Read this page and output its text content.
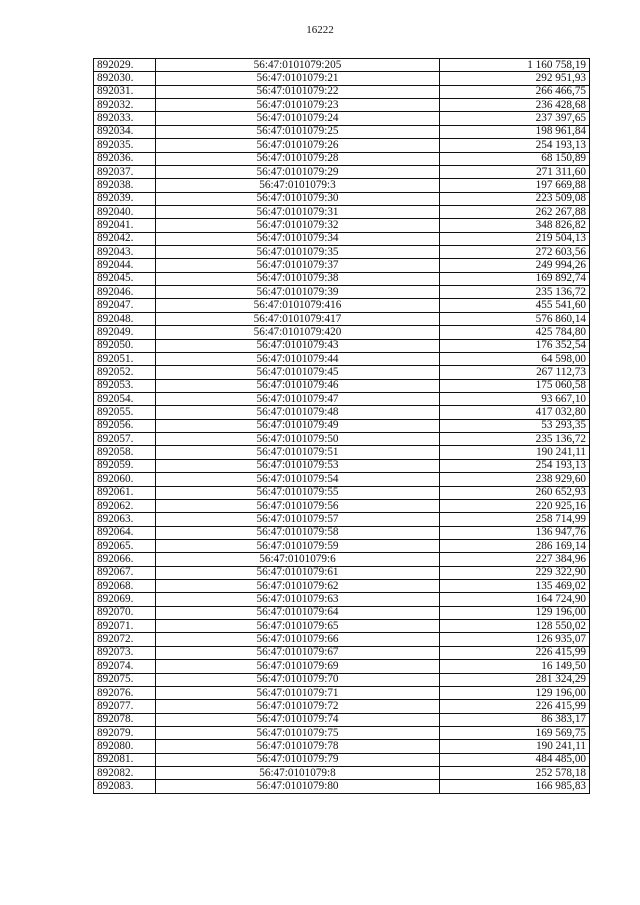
16222
892029.	56:47:0101079:205	1 160 758,19
892030.	56:47:0101079:21	292 951,93
892031.	56:47:0101079:22	266 466,75
892032.	56:47:0101079:23	236 428,68
892033.	56:47:0101079:24	237 397,65
892034.	56:47:0101079:25	198 961,84
892035.	56:47:0101079:26	254 193,13
892036.	56:47:0101079:28	68 150,89
892037.	56:47:0101079:29	271 311,60
892038.	56:47:0101079:3	197 669,88
892039.	56:47:0101079:30	223 509,08
892040.	56:47:0101079:31	262 267,88
892041.	56:47:0101079:32	348 826,82
892042.	56:47:0101079:34	219 504,13
892043.	56:47:0101079:35	272 603,56
892044.	56:47:0101079:37	249 994,26
892045.	56:47:0101079:38	169 892,74
892046.	56:47:0101079:39	235 136,72
892047.	56:47:0101079:416	455 541,60
892048.	56:47:0101079:417	576 860,14
892049.	56:47:0101079:420	425 784,80
892050.	56:47:0101079:43	176 352,54
892051.	56:47:0101079:44	64 598,00
892052.	56:47:0101079:45	267 112,73
892053.	56:47:0101079:46	175 060,58
892054.	56:47:0101079:47	93 667,10
892055.	56:47:0101079:48	417 032,80
892056.	56:47:0101079:49	53 293,35
892057.	56:47:0101079:50	235 136,72
892058.	56:47:0101079:51	190 241,11
892059.	56:47:0101079:53	254 193,13
892060.	56:47:0101079:54	238 929,60
892061.	56:47:0101079:55	260 652,93
892062.	56:47:0101079:56	220 925,16
892063.	56:47:0101079:57	258 714,99
892064.	56:47:0101079:58	136 947,76
892065.	56:47:0101079:59	286 169,14
892066.	56:47:0101079:6	227 384,96
892067.	56:47:0101079:61	229 322,90
892068.	56:47:0101079:62	135 469,02
892069.	56:47:0101079:63	164 724,90
892070.	56:47:0101079:64	129 196,00
892071.	56:47:0101079:65	128 550,02
892072.	56:47:0101079:66	126 935,07
892073.	56:47:0101079:67	226 415,99
892074.	56:47:0101079:69	16 149,50
892075.	56:47:0101079:70	281 324,29
892076.	56:47:0101079:71	129 196,00
892077.	56:47:0101079:72	226 415,99
892078.	56:47:0101079:74	86 383,17
892079.	56:47:0101079:75	169 569,75
892080.	56:47:0101079:78	190 241,11
892081.	56:47:0101079:79	484 485,00
892082.	56:47:0101079:8	252 578,18
892083.	56:47:0101079:80	166 985,83
